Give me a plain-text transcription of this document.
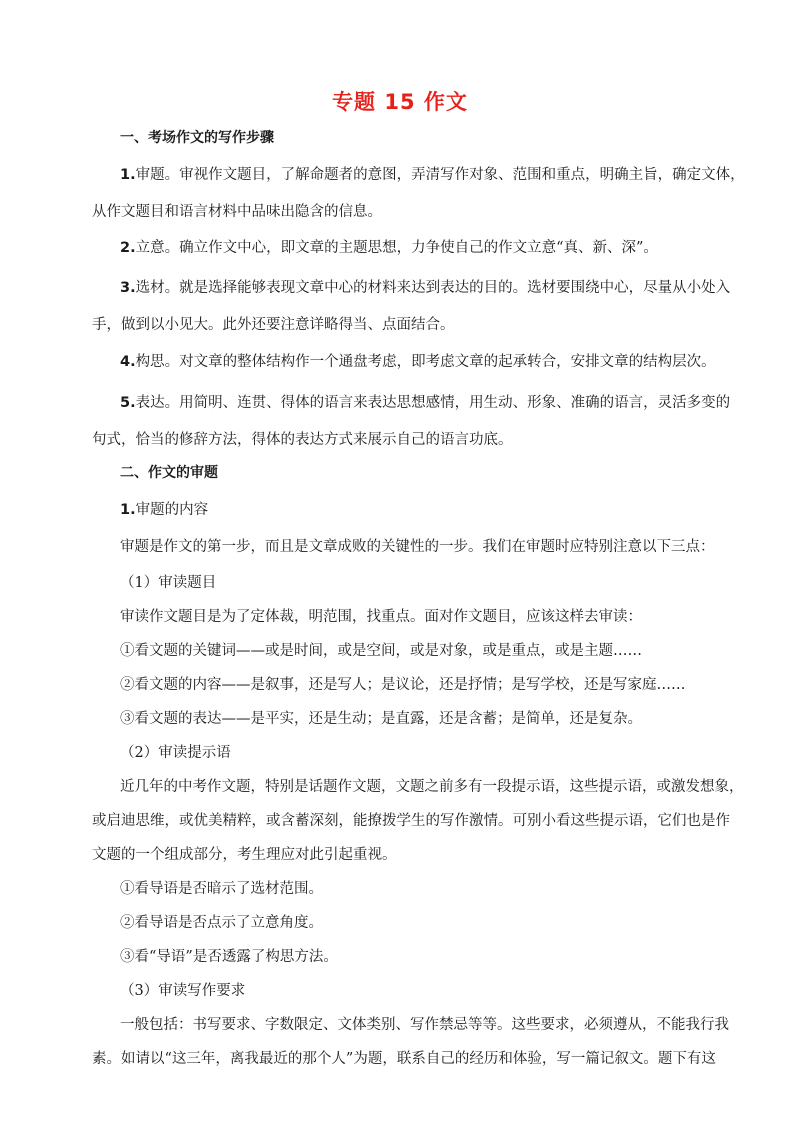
专题 15 作文
一、考场作文的写作步骤
1.审题。审视作文题目，了解命题者的意图，弄清写作对象、范围和重点，明确主旨，确定文体，
从作文题目和语言材料中品味出隐含的信息。
2.立意。确立作文中心，即文章的主题思想，力争使自己的作文立意“真、新、深”。
3.选材。就是选择能够表现文章中心的材料来达到表达的目的。选材要围绕中心，尽量从小处入
手，做到以小见大。此外还要注意详略得当、点面结合。
4.构思。对文章的整体结构作一个通盘考虑，即考虑文章的起承转合，安排文章的结构层次。
5.表达。用简明、连贯、得体的语言来表达思想感情，用生动、形象、准确的语言，灵活多变的
句式，恰当的修辞方法，得体的表达方式来展示自己的语言功底。
二、作文的审题
1.审题的内容
审题是作文的第一步，而且是文章成败的关键性的一步。我们在审题时应特别注意以下三点：
（1）审读题目
审读作文题目是为了定体裁，明范围，找重点。面对作文题目，应该这样去审读：
①看文题的关键词——或是时间，或是空间，或是对象，或是重点，或是主题……
②看文题的内容——是叙事，还是写人；是议论，还是抒情；是写学校，还是写家庭……
③看文题的表达——是平实，还是生动；是直露，还是含蓄；是简单，还是复杂。
（2）审读提示语
近几年的中考作文题，特别是话题作文题，文题之前多有一段提示语，这些提示语，或激发想象，
或启迪思维，或优美精粹，或含蓄深刻，能撩拨学生的写作激情。可别小看这些提示语，它们也是作
文题的一个组成部分，考生理应对此引起重视。
①看导语是否暗示了选材范围。
②看导语是否点示了立意角度。
③看“导语”是否透露了构思方法。
（3）审读写作要求
一般包括：书写要求、字数限定、文体类别、写作禁忌等等。这些要求，必须遵从，不能我行我
素。如请以“这三年，离我最近的那个人”为题，联系自己的经历和体验，写一篇记叙文。题下有这
